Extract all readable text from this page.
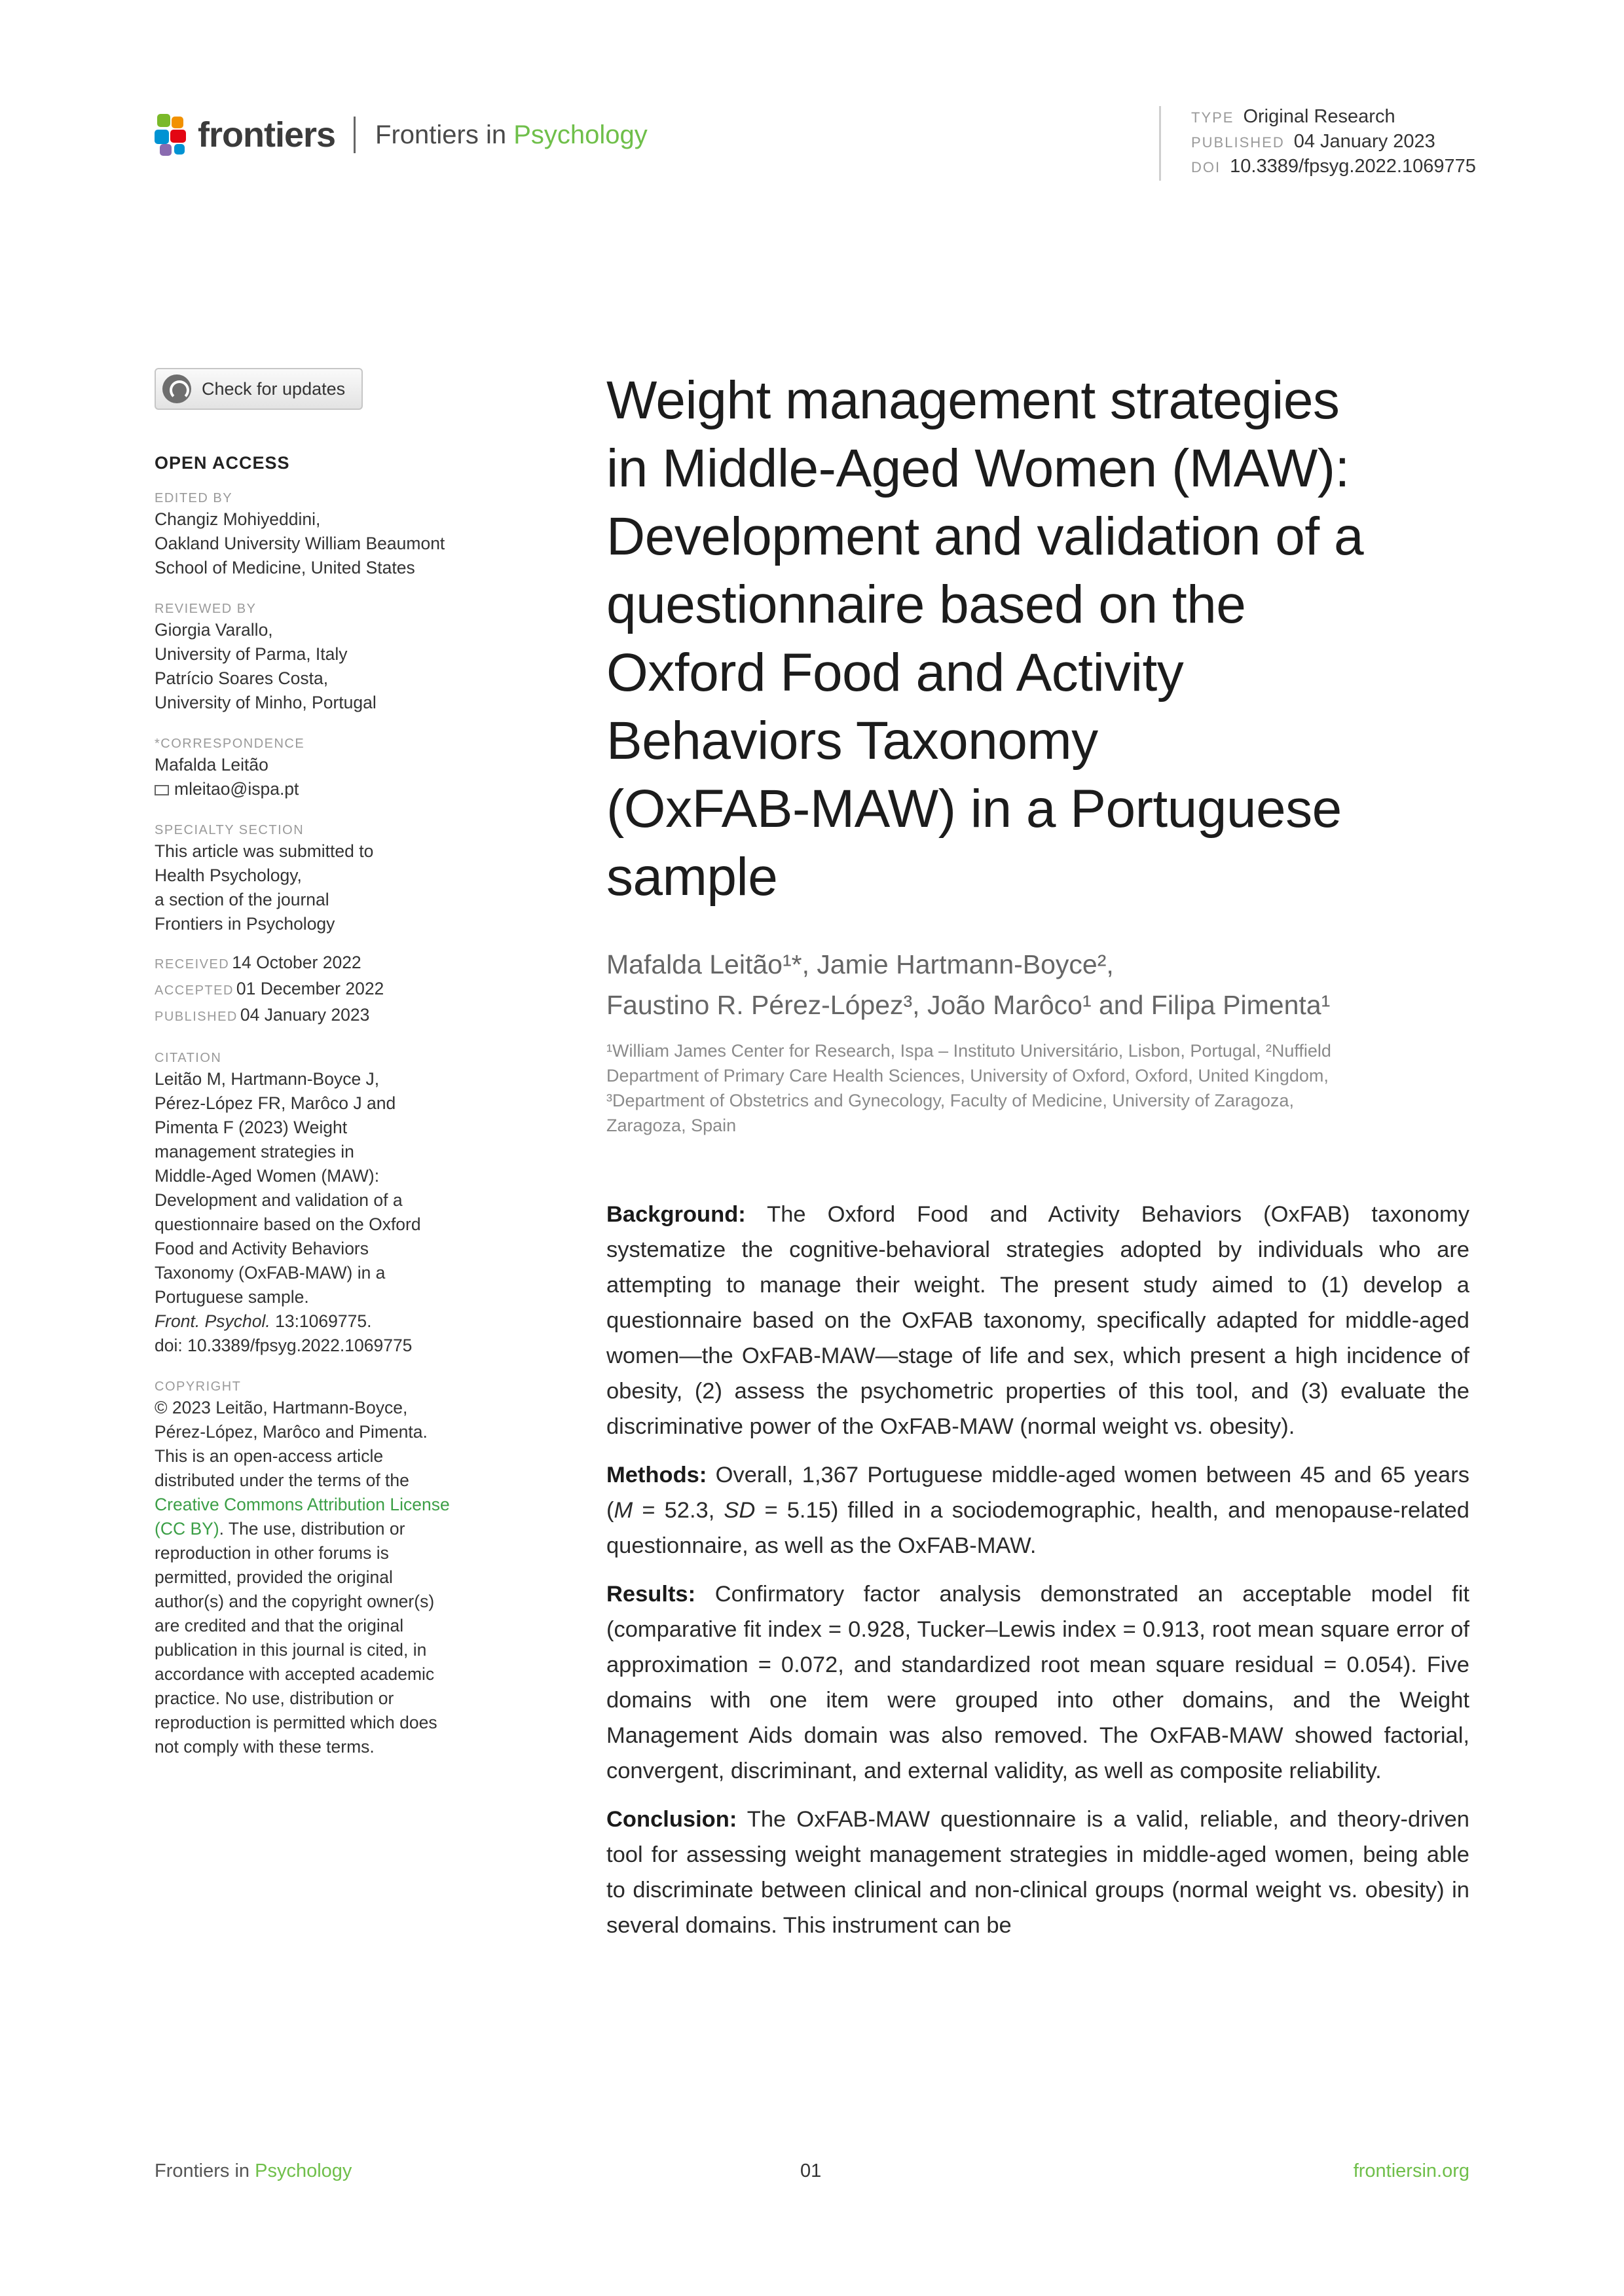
frontiers Frontiers in Psychology
TYPE Original Research
PUBLISHED 04 January 2023
DOI 10.3389/fpsyg.2022.1069775
Check for updates
OPEN ACCESS
EDITED BY
Changiz Mohiyeddini,
Oakland University William Beaumont
School of Medicine, United States
REVIEWED BY
Giorgia Varallo,
University of Parma, Italy
Patrício Soares Costa,
University of Minho, Portugal
*CORRESPONDENCE
Mafalda Leitão
mleitao@ispa.pt
SPECIALTY SECTION
This article was submitted to
Health Psychology,
a section of the journal
Frontiers in Psychology
RECEIVED 14 October 2022
ACCEPTED 01 December 2022
PUBLISHED 04 January 2023
CITATION
Leitão M, Hartmann-Boyce J,
Pérez-López FR, Marôco J and
Pimenta F (2023) Weight
management strategies in
Middle-Aged Women (MAW):
Development and validation of a
questionnaire based on the Oxford
Food and Activity Behaviors
Taxonomy (OxFAB-MAW) in a
Portuguese sample.
Front. Psychol. 13:1069775.
doi: 10.3389/fpsyg.2022.1069775
COPYRIGHT
© 2023 Leitão, Hartmann-Boyce,
Pérez-López, Marôco and Pimenta.
This is an open-access article
distributed under the terms of the
Creative Commons Attribution License
(CC BY). The use, distribution or
reproduction in other forums is
permitted, provided the original
author(s) and the copyright owner(s)
are credited and that the original
publication in this journal is cited, in
accordance with accepted academic
practice. No use, distribution or
reproduction is permitted which does
not comply with these terms.
Weight management strategies
in Middle-Aged Women (MAW):
Development and validation of a
questionnaire based on the
Oxford Food and Activity
Behaviors Taxonomy
(OxFAB-MAW) in a Portuguese
sample
Mafalda Leitão¹*, Jamie Hartmann-Boyce²,
Faustino R. Pérez-López³, João Marôco¹ and Filipa Pimenta¹
¹William James Center for Research, Ispa – Instituto Universitário, Lisbon, Portugal, ²Nuffield
Department of Primary Care Health Sciences, University of Oxford, Oxford, United Kingdom,
³Department of Obstetrics and Gynecology, Faculty of Medicine, University of Zaragoza,
Zaragoza, Spain

Background: The Oxford Food and Activity Behaviors (OxFAB) taxonomy systematize the cognitive-behavioral strategies adopted by individuals who are attempting to manage their weight. The present study aimed to (1) develop a questionnaire based on the OxFAB taxonomy, specifically adapted for middle-aged women—the OxFAB-MAW—stage of life and sex, which present a high incidence of obesity, (2) assess the psychometric properties of this tool, and (3) evaluate the discriminative power of the OxFAB-MAW (normal weight vs. obesity).

Methods: Overall, 1,367 Portuguese middle-aged women between 45 and 65 years (M = 52.3, SD = 5.15) filled in a sociodemographic, health, and menopause-related questionnaire, as well as the OxFAB-MAW.

Results: Confirmatory factor analysis demonstrated an acceptable model fit (comparative fit index = 0.928, Tucker–Lewis index = 0.913, root mean square error of approximation = 0.072, and standardized root mean square residual = 0.054). Five domains with one item were grouped into other domains, and the Weight Management Aids domain was also removed. The OxFAB-MAW showed factorial, convergent, discriminant, and external validity, as well as composite reliability.

Conclusion: The OxFAB-MAW questionnaire is a valid, reliable, and theory-driven tool for assessing weight management strategies in middle-aged women, being able to discriminate between clinical and non-clinical groups (normal weight vs. obesity) in several domains. This instrument can be

Frontiers in Psychology	01	frontiersin.org
